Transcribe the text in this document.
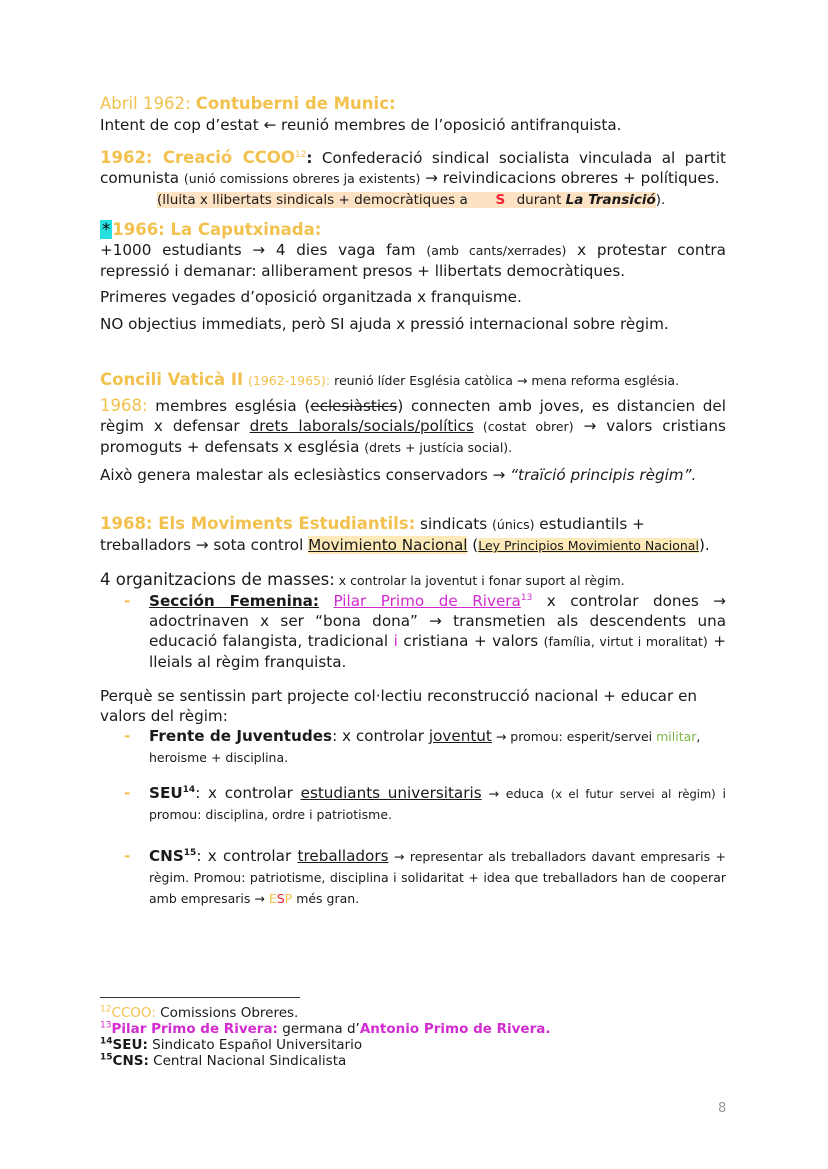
Abril 1962: Contuberni de Munic:

Intent de cop d’estat ← reunió membres de l’oposició antifranquista.

1962: Creació CCOO$^{12}$: Confederació sindical socialista vinculada al partit comunista (unió comissions obreres ja existents) → reivindicacions obreres + polítiques.

(lluita x llibertats sindicals + democràtiques a E S durant La Transició).

* 1966: La Caputxinada:

+1000 estudiants → 4 dies vaga fam (amb cants/xerrades) x protestar contra repressió i demanar: alliberament presos + llibertats democràtiques.

Primeres vegades d’oposició organitzada x franquisme.

NO objectius immediats, però SI ajuda x pressió internacional sobre règim.

Concili Vaticà II (1962-1965): reunió líder Església catòlica → mena reforma església.

1968: membres església (eclesiàstics) connecten amb joves, es distancien del règim x defensar drets laborals/socials/polítics (costat obrer) → valors cristians promoguts + defensats x església (drets + justícia social).

Això genera malestar als eclesiàstics conservadors → “traïció principis règim”.

1968: Els Moviments Estudiantils: sindicats (únics) estudiantils + treballadors → sota control Movimiento Nacional (Ley Principios Movimiento Nacional).

4 organitzacions de masses: x controlar la joventut i fonar suport al règim.

- Sección Femenina: Pilar Primo de Rivera$^{13}$ x controlar dones → adoctrinaven x ser “bona dona” → transmetien als descendents una educació falangista, tradicional i cristiana + valors (família, virtut i moralitat) + lleials al règim franquista.

Perquè se sentissin part projecte col·lectiu reconstrucció nacional + educar en valors del règim:

- Frente de Juventudes: x controlar joventut → promou: esperit/servei militar, heroisme + disciplina.
- SEU$^{14}$: x controlar estudiants universitaris → educa (x el futur servei al règim) i promou: disciplina, ordre i patriotisme.
- CNS$^{15}$: x controlar treballadors → representar als treballadors davant empresaris + règim. Promou: patriotisme, disciplina i solidaritat + idea que treballadors han de cooperar amb empresaris → ESP més gran.
$^{12}$CCOO: Comissions Obreres.
$^{13}$Pilar Primo de Rivera: germana d’Antonio Primo de Rivera.
$^{14}$SEU: Sindicato Español Universitario
$^{15}$CNS: Central Nacional Sindicalista
8
